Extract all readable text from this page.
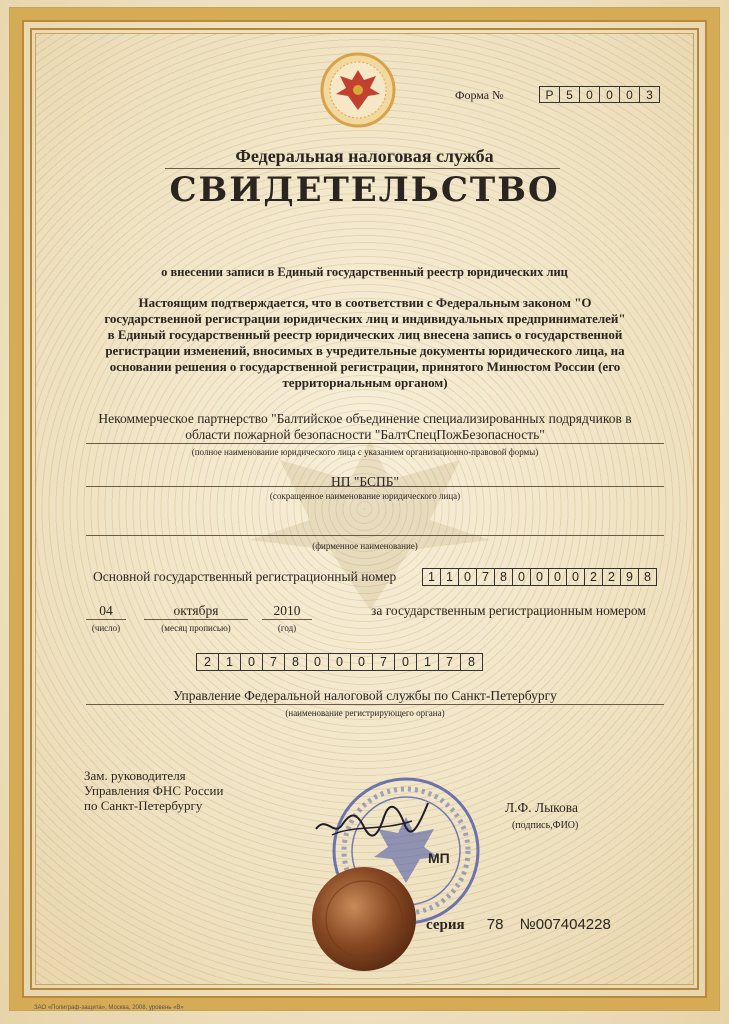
Форма №	Р	5	0	0	0	3
Федеральная налоговая служба
СВИДЕТЕЛЬСТВО
о внесении записи в Единый государственный реестр юридических лиц
Настоящим подтверждается, что в соответствии с Федеральным законом "О государственной регистрации юридических лиц и индивидуальных предпринимателей" в Единый государственный реестр юридических лиц внесена запись о государственной регистрации изменений, вносимых в учредительные документы юридического лица, на основании решения о государственной регистрации, принятого Минюстом России (его территориальным органом)
Некоммерческое партнерство "Балтийское объединение специализированных подрядчиков в
области пожарной безопасности "БалтСпецПожБезопасность"
(полное наименование юридического лица с указанием организационно-правовой формы)
НП "БСПБ"
(сокращенное наименование юридического лица)
(фирменное наименование)
Основной государственный регистрационный номер	1 1 0 7 8 0 0 0 0 2 2 9 8
04
(число)
октября
(месяц прописью)
2010
(год)
за государственным регистрационным номером
2	1	0	7	8	0	0	0	7	0	1	7	8
Управление Федеральной налоговой службы по Санкт-Петербургу
(наименование регистрирующего органа)
Зам. руководителя
Управления ФНС России
по Санкт-Петербургу	Л.Ф. Лыкова
(подпись,ФИО)
МП
серия 78 №007404228
ЗАО «Полиграф-защита», Москва, 2008, уровень «В»
